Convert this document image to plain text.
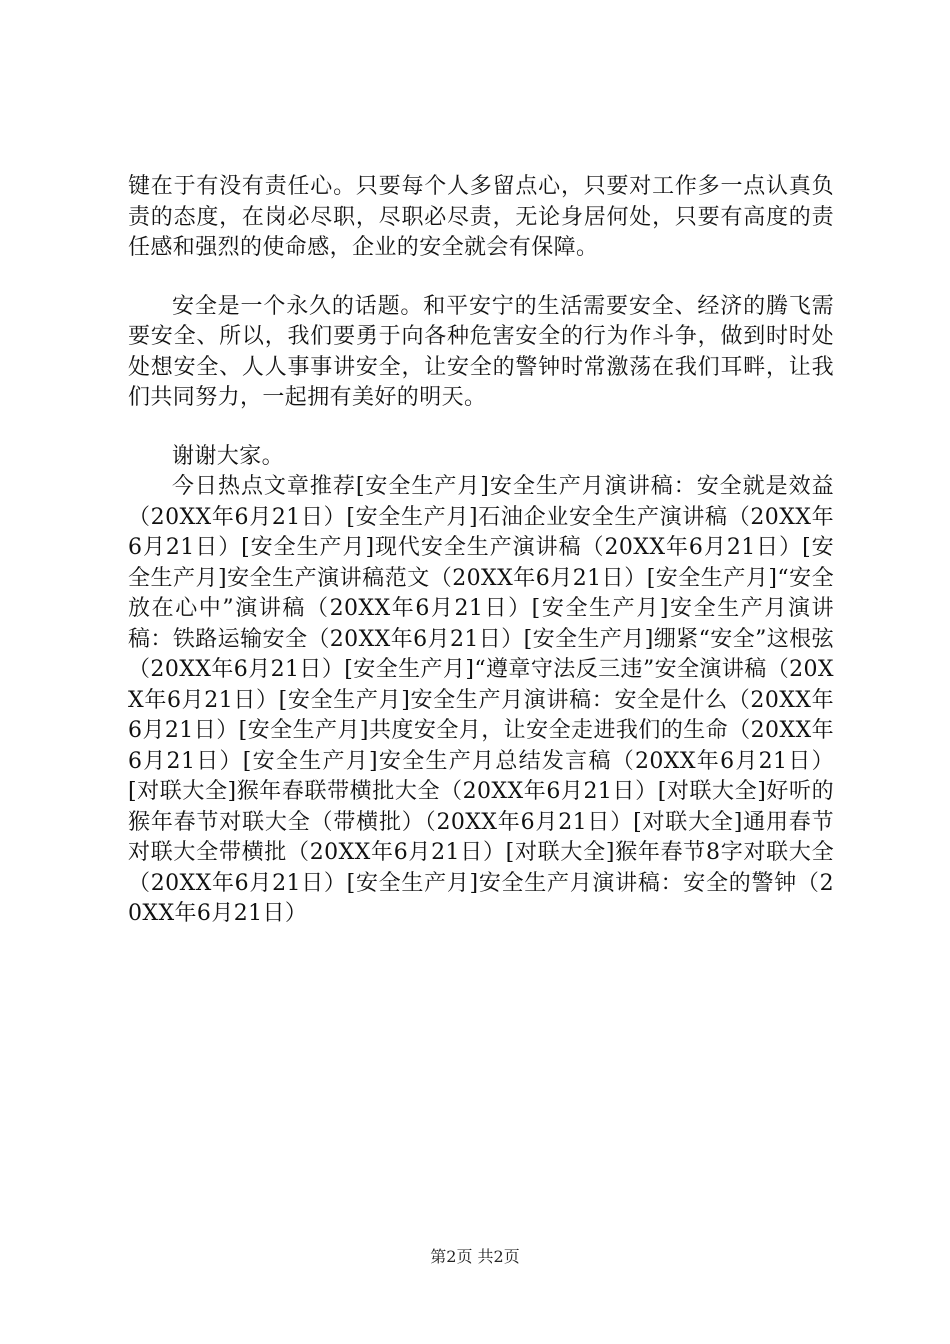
键在于有没有责任心。只要每个人多留点心，只要对工作多一点认真负责的态度，在岗必尽职，尽职必尽责，无论身居何处，只要有高度的责任感和强烈的使命感，企业的安全就会有保障。

安全是一个永久的话题。和平安宁的生活需要安全、经济的腾飞需要安全、所以，我们要勇于向各种危害安全的行为作斗争，做到时时处处想安全、人人事事讲安全，让安全的警钟时常激荡在我们耳畔，让我们共同努力，一起拥有美好的明天。

谢谢大家。

今日热点文章推荐[安全生产月]安全生产月演讲稿：安全就是效益（20XX年6月21日）[安全生产月]石油企业安全生产演讲稿（20XX年6月21日）[安全生产月]现代安全生产演讲稿（20XX年6月21日）[安全生产月]安全生产演讲稿范文（20XX年6月21日）[安全生产月]“安全放在心中”演讲稿（20XX年6月21日）[安全生产月]安全生产月演讲稿：铁路运输安全（20XX年6月21日）[安全生产月]绷紧“安全”这根弦（20XX年6月21日）[安全生产月]“遵章守法反三违”安全演讲稿（20XX年6月21日）[安全生产月]安全生产月演讲稿：安全是什么（20XX年6月21日）[安全生产月]共度安全月，让安全走进我们的生命（20XX年6月21日）[安全生产月]安全生产月总结发言稿（20XX年6月21日）[对联大全]猴年春联带横批大全（20XX年6月21日）[对联大全]好听的猴年春节对联大全（带横批）（20XX年6月21日）[对联大全]通用春节对联大全带横批（20XX年6月21日）[对联大全]猴年春节8字对联大全（20XX年6月21日）[安全生产月]安全生产月演讲稿：安全的警钟（20XX年6月21日）

第2页 共2页
